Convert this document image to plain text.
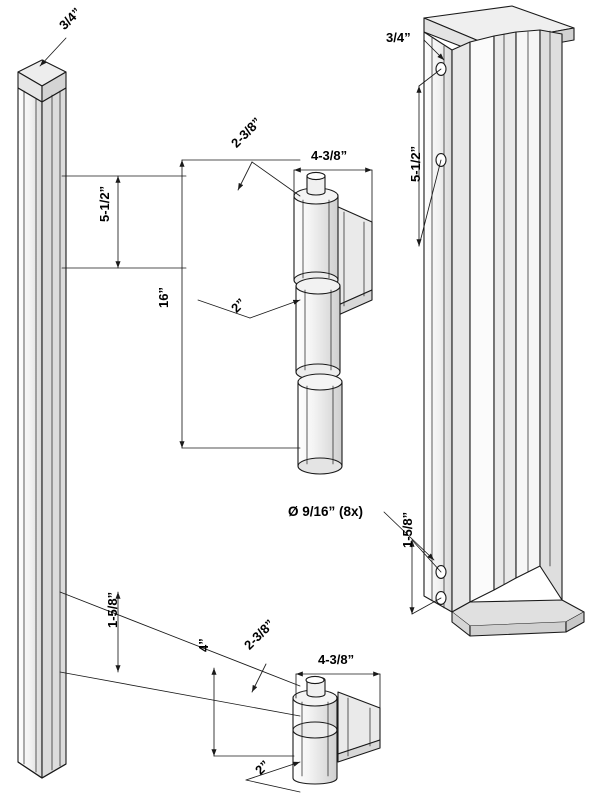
3/4”
3/4”
2-3/8”
4-3/8”
5-1/2”
5-1/2”
2”
16”
Ø 9/16” (8x)
1-5/8”
1-5/8”
4” 2-3/8”
4-3/8”
2”
